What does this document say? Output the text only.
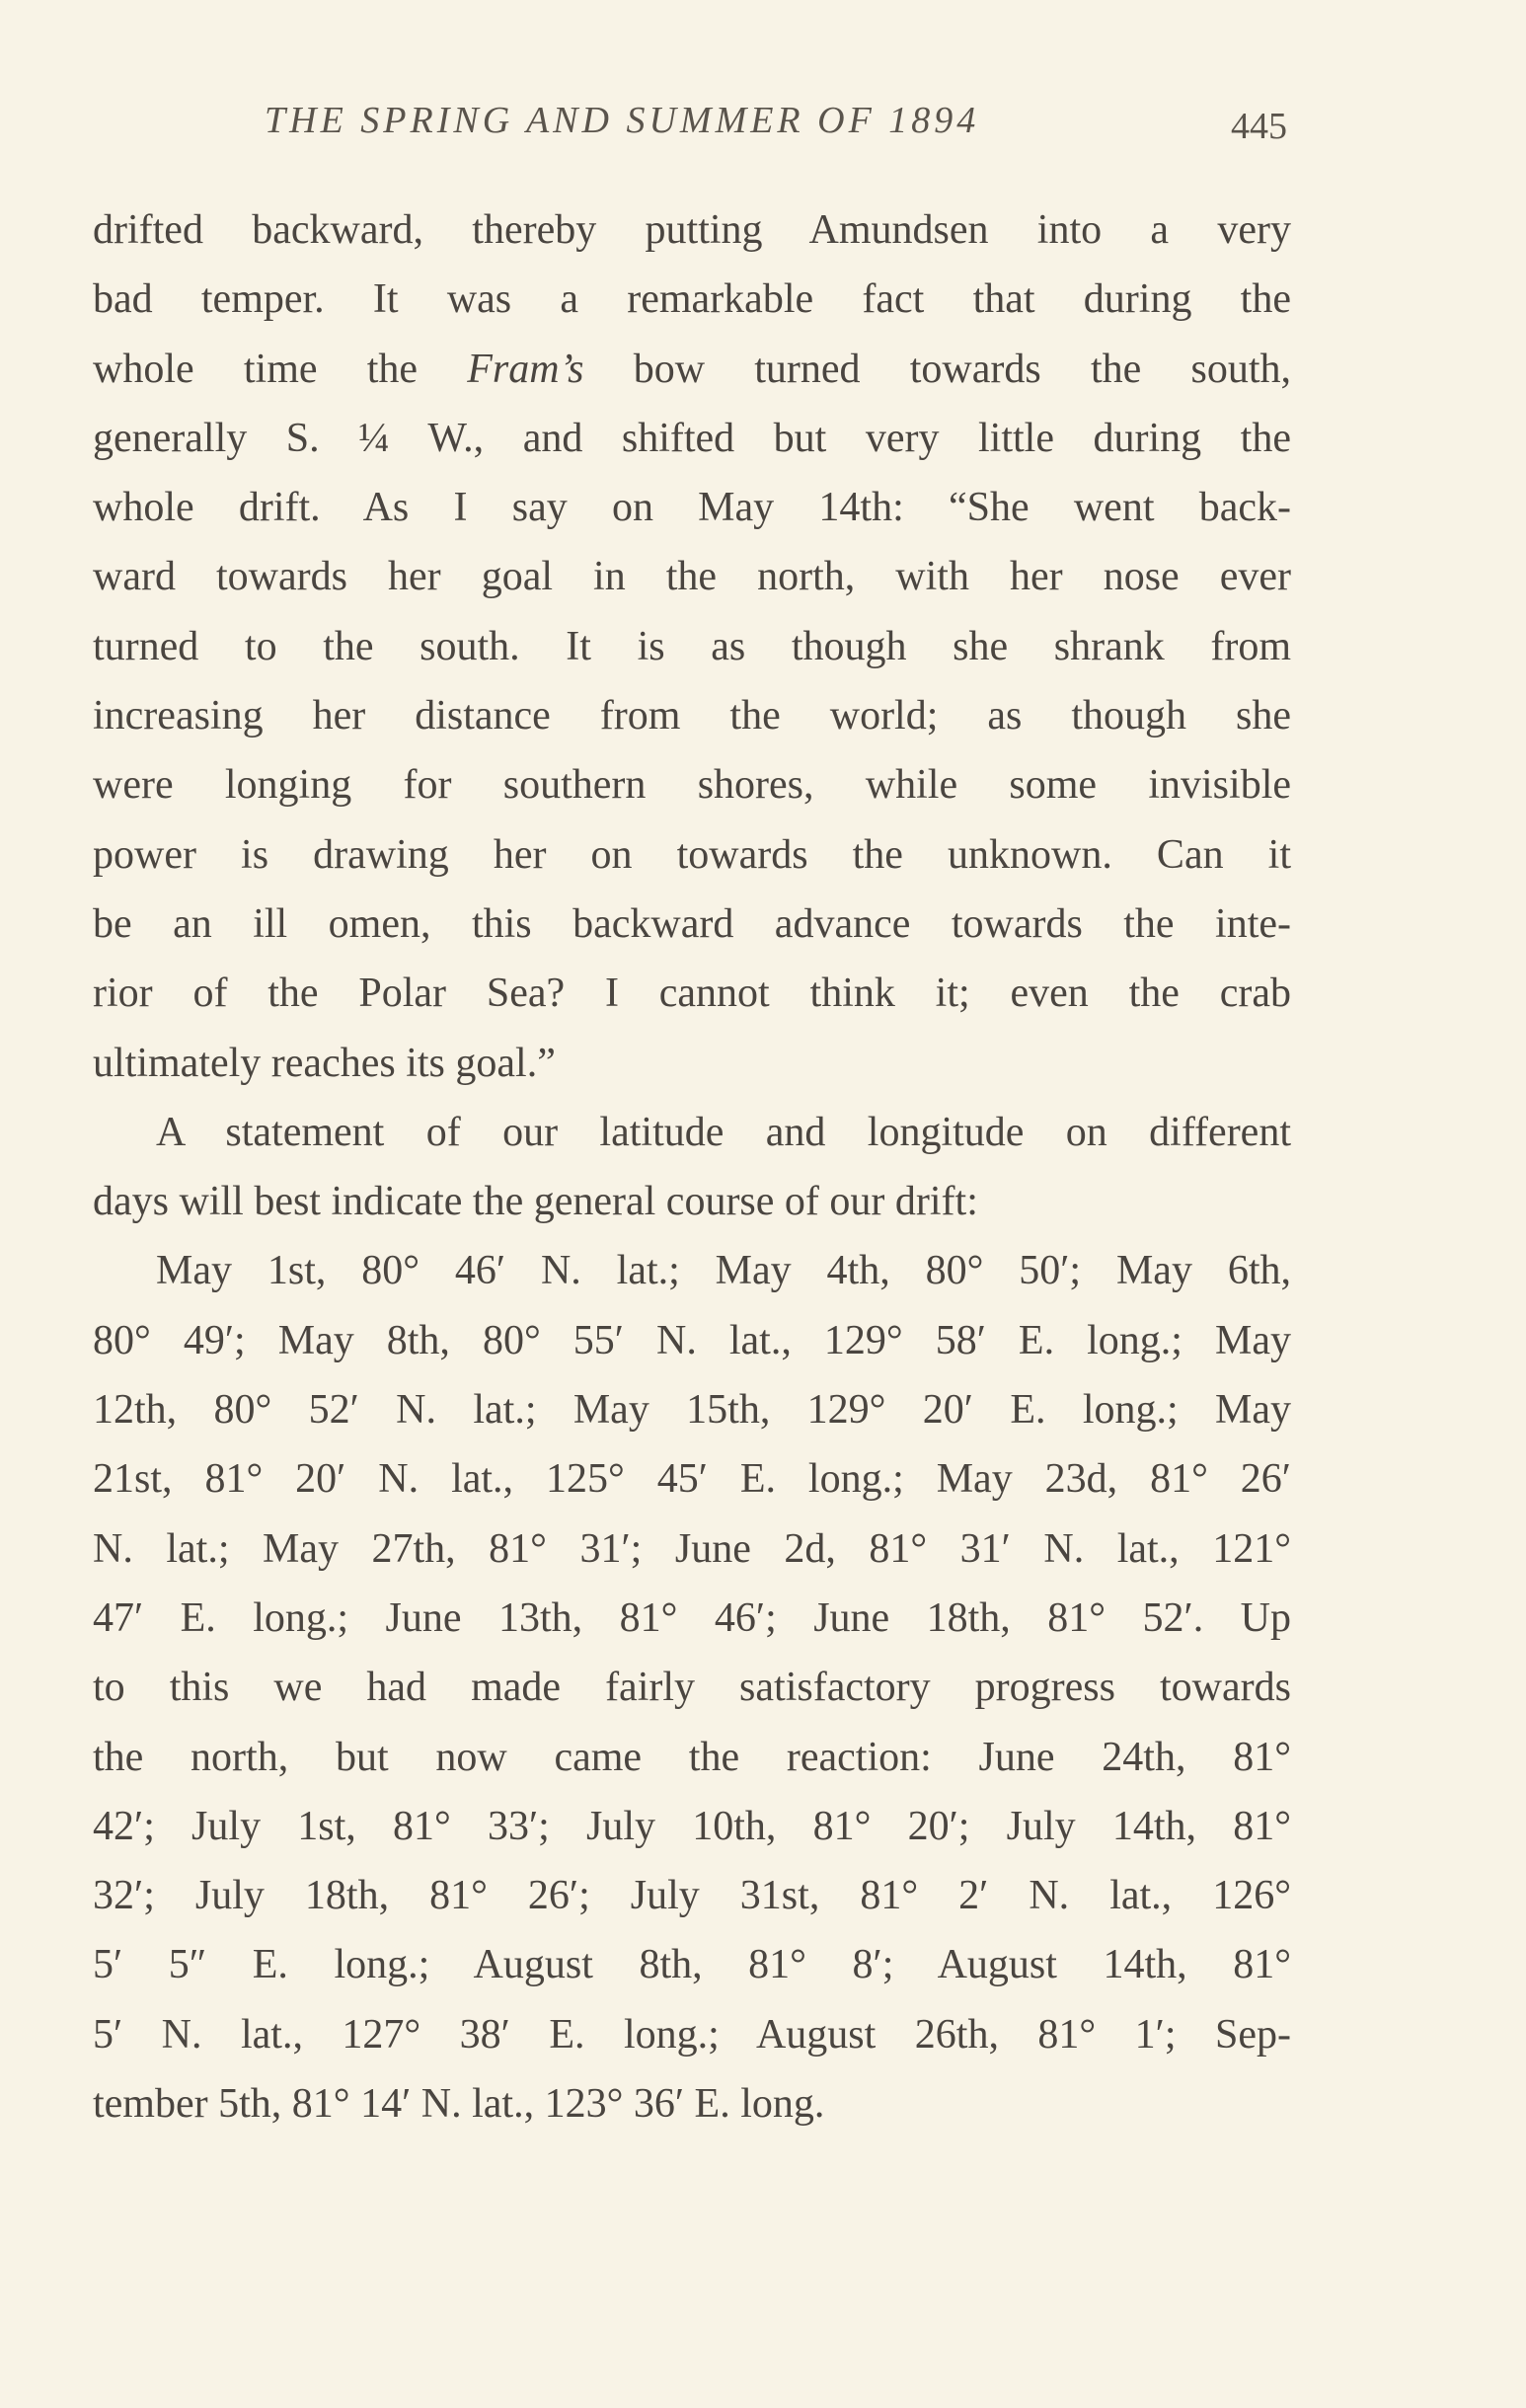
THE SPRING AND SUMMER OF 1894	445
drifted backward, thereby putting Amundsen into a very
bad temper. It was a remarkable fact that during the
whole time the Fram’s bow turned towards the south,
generally S. ¼ W., and shifted but very little during the
whole drift. As I say on May 14th: “She went back-
ward towards her goal in the north, with her nose ever
turned to the south. It is as though she shrank from
increasing her distance from the world; as though she
were longing for southern shores, while some invisible
power is drawing her on towards the unknown. Can it
be an ill omen, this backward advance towards the inte-
rior of the Polar Sea? I cannot think it; even the crab
ultimately reaches its goal.”
A statement of our latitude and longitude on different
days will best indicate the general course of our drift:
May 1st, 80° 46′ N. lat.; May 4th, 80° 50′; May 6th,
80° 49′; May 8th, 80° 55′ N. lat., 129° 58′ E. long.; May
12th, 80° 52′ N. lat.; May 15th, 129° 20′ E. long.; May
21st, 81° 20′ N. lat., 125° 45′ E. long.; May 23d, 81° 26′
N. lat.; May 27th, 81° 31′; June 2d, 81° 31′ N. lat., 121°
47′ E. long.; June 13th, 81° 46′; June 18th, 81° 52′. Up
to this we had made fairly satisfactory progress towards
the north, but now came the reaction: June 24th, 81°
42′; July 1st, 81° 33′; July 10th, 81° 20′; July 14th, 81°
32′; July 18th, 81° 26′; July 31st, 81° 2′ N. lat., 126°
5′ 5″ E. long.; August 8th, 81° 8′; August 14th, 81°
5′ N. lat., 127° 38′ E. long.; August 26th, 81° 1′; Sep-
tember 5th, 81° 14′ N. lat., 123° 36′ E. long.
